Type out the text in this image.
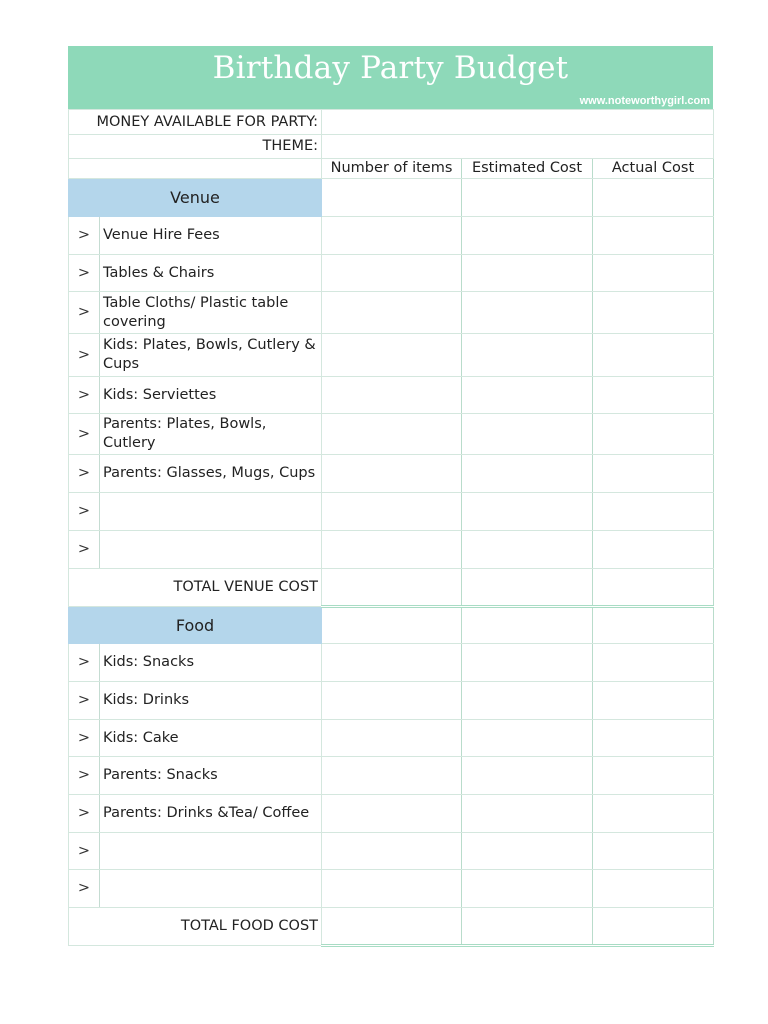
Birthday Party Budget
www.noteworthygirl.com
MONEY AVAILABLE FOR PARTY:				
THEME:				
		Number of items	Estimated Cost	Actual Cost
Venue				
>	Venue Hire Fees			
>	Tables & Chairs			
>	Table Cloths/ Plastic table covering			
>	Kids: Plates, Bowls, Cutlery & Cups			
>	Kids: Serviettes			
>	Parents: Plates, Bowls, Cutlery			
>	Parents: Glasses, Mugs, Cups			
>				
>				
TOTAL VENUE COST				
Food				
>	Kids: Snacks			
>	Kids: Drinks			
>	Kids: Cake			
>	Parents: Snacks			
>	Parents: Drinks &Tea/ Coffee			
>				
>				
TOTAL FOOD COST				
